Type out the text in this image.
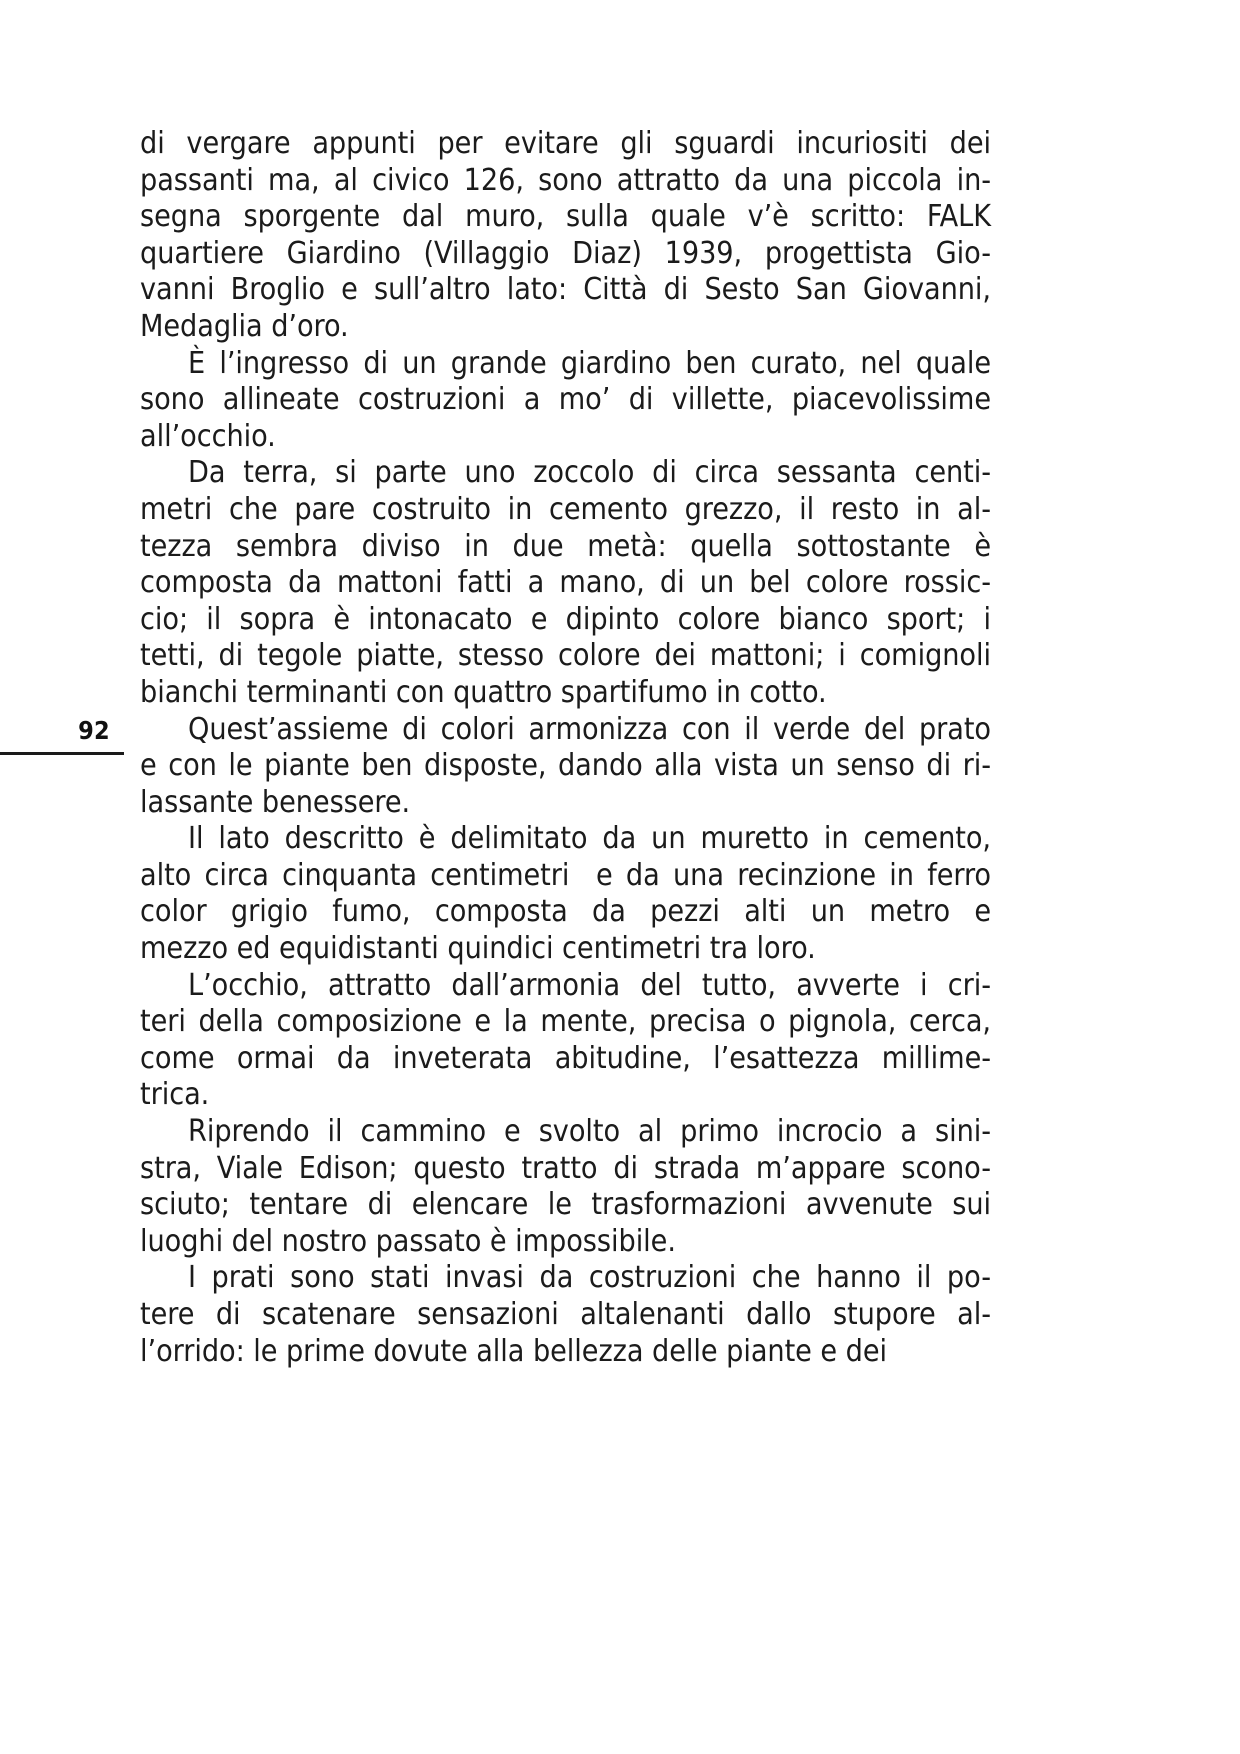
92

di vergare appunti per evitare gli sguardi incuriositi dei
passanti ma, al civico 126, sono attratto da una piccola in-
segna sporgente dal muro, sulla quale v’è scritto: FALK
quartiere Giardino (Villaggio Diaz) 1939, progettista Gio-
vanni Broglio e sull’altro lato: Città di Sesto San Giovanni,
Medaglia d’oro.

È l’ingresso di un grande giardino ben curato, nel quale
sono allineate costruzioni a mo’ di villette, piacevolissime
all’occhio.

Da terra, si parte uno zoccolo di circa sessanta centi-
metri che pare costruito in cemento grezzo, il resto in al-
tezza sembra diviso in due metà: quella sottostante è
composta da mattoni fatti a mano, di un bel colore rossic-
cio; il sopra è intonacato e dipinto colore bianco sport; i
tetti, di tegole piatte, stesso colore dei mattoni; i comignoli
bianchi terminanti con quattro spartifumo in cotto.

Quest’assieme di colori armonizza con il verde del prato
e con le piante ben disposte, dando alla vista un senso di ri-
lassante benessere.

Il lato descritto è delimitato da un muretto in cemento,
alto circa cinquanta centimetri  e da una recinzione in ferro
color grigio fumo, composta da pezzi alti un metro e
mezzo ed equidistanti quindici centimetri tra loro.

L’occhio, attratto dall’armonia del tutto, avverte i cri-
teri della composizione e la mente, precisa o pignola, cerca,
come ormai da inveterata abitudine, l’esattezza millime-
trica.

Riprendo il cammino e svolto al primo incrocio a sini-
stra, Viale Edison; questo tratto di strada m’appare scono-
sciuto; tentare di elencare le trasformazioni avvenute sui
luoghi del nostro passato è impossibile.

I prati sono stati invasi da costruzioni che hanno il po-
tere di scatenare sensazioni altalenanti dallo stupore al-
l’orrido: le prime dovute alla bellezza delle piante e dei
